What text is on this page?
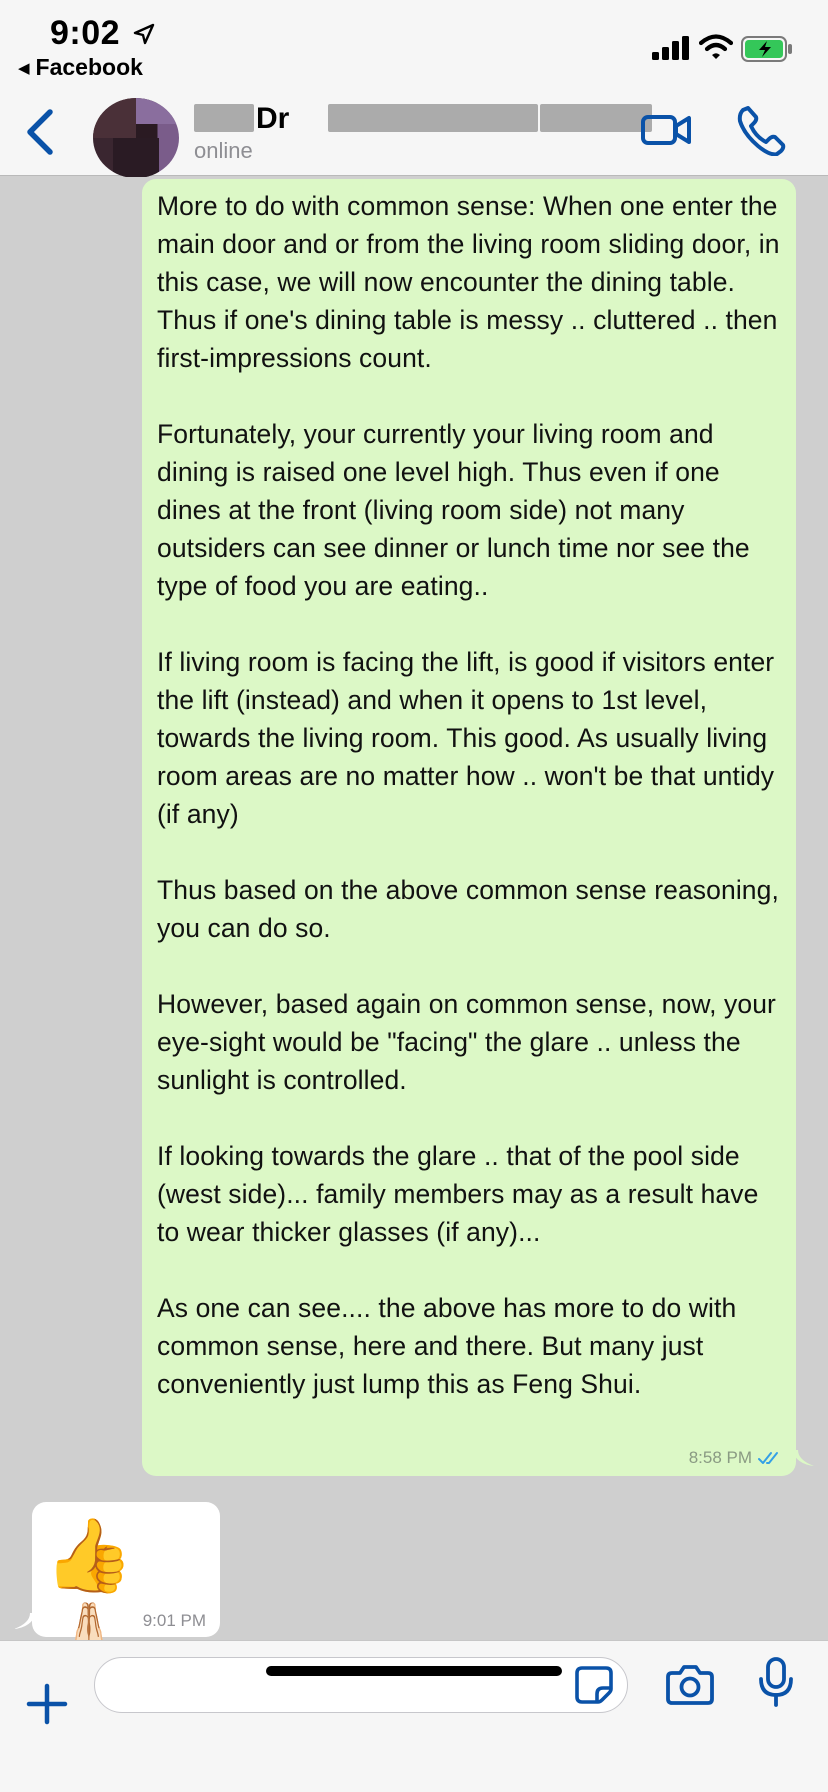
9:02
◀ Facebook
Dr
online
More to do with common sense: When one enter the main door and or from the living room sliding door, in this case, we will now encounter the dining table. Thus if one's dining table is messy .. cluttered .. then first-impressions count.

Fortunately, your currently your living room and dining is raised one level high. Thus even if one dines at the front (living room side) not many outsiders can see dinner or lunch time nor see the type of food you are eating..

If living room is facing the lift, is good if visitors enter the lift (instead) and when it opens to 1st level, towards the living room. This good. As usually living room areas are no matter how .. won't be that untidy (if any)

Thus based on the above common sense reasoning, you can do so.

However, based again on common sense, now, your eye-sight would be "facing" the glare .. unless the sunlight is controlled.

If looking towards the glare .. that of the pool side (west side)... family members may as a result have to wear thicker glasses (if any)...

As one can see.... the above has more to do with common sense, here and there. But many just conveniently just lump this as Feng Shui.
8:58 PM
👍
9:01 PM
